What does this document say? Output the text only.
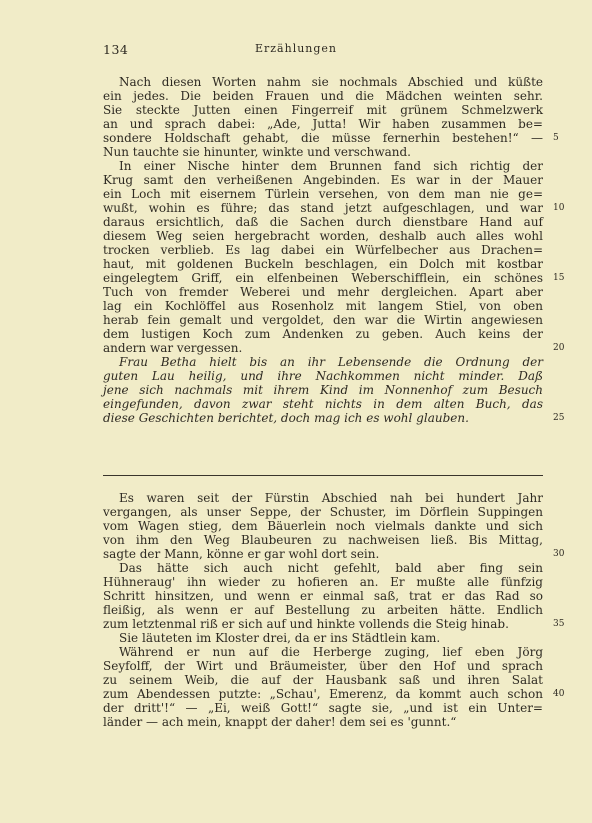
134	Erzählungen
Nach diesen Worten nahm sie nochmals Abschied und küßte
ein jedes. Die beiden Frauen und die Mädchen weinten sehr.
Sie steckte Jutten einen Fingerreif mit grünem Schmelzwerk
an und sprach dabei: „Ade, Jutta! Wir haben zusammen be=
sondere Holdschaft gehabt, die müsse fernerhin bestehen!“ —
Nun tauchte sie hinunter, winkte und verschwand.
In einer Nische hinter dem Brunnen fand sich richtig der
Krug samt den verheißenen Angebinden. Es war in der Mauer
ein Loch mit eisernem Türlein versehen, von dem man nie ge=
wußt, wohin es führe; das stand jetzt aufgeschlagen, und war
daraus ersichtlich, daß die Sachen durch dienstbare Hand auf
diesem Weg seien hergebracht worden, deshalb auch alles wohl
trocken verblieb. Es lag dabei ein Würfelbecher aus Drachen=
haut, mit goldenen Buckeln beschlagen, ein Dolch mit kostbar
eingelegtem Griff, ein elfenbeinen Weberschifflein, ein schönes
Tuch von fremder Weberei und mehr dergleichen. Apart aber
lag ein Kochlöffel aus Rosenholz mit langem Stiel, von oben
herab fein gemalt und vergoldet, den war die Wirtin angewiesen
dem lustigen Koch zum Andenken zu geben. Auch keins der
andern war vergessen.
Frau Betha hielt bis an ihr Lebensende die Ordnung der
guten Lau heilig, und ihre Nachkommen nicht minder. Daß
jene sich nachmals mit ihrem Kind im Nonnenhof zum Besuch
eingefunden, davon zwar steht nichts in dem alten Buch, das
diese Geschichten berichtet, doch mag ich es wohl glauben.
Es waren seit der Fürstin Abschied nah bei hundert Jahr
vergangen, als unser Seppe, der Schuster, im Dörflein Suppingen
vom Wagen stieg, dem Bäuerlein noch vielmals dankte und sich
von ihm den Weg Blaubeuren zu nachweisen ließ. Bis Mittag,
sagte der Mann, könne er gar wohl dort sein.
Das hätte sich auch nicht gefehlt, bald aber fing sein
Hühneraug' ihn wieder zu hofieren an. Er mußte alle fünfzig
Schritt hinsitzen, und wenn er einmal saß, trat er das Rad so
fleißig, als wenn er auf Bestellung zu arbeiten hätte. Endlich
zum letztenmal riß er sich auf und hinkte vollends die Steig hinab.
Sie läuteten im Kloster drei, da er ins Städtlein kam.
Während er nun auf die Herberge zuging, lief eben Jörg
Seyfolff, der Wirt und Bräumeister, über den Hof und sprach
zu seinem Weib, die auf der Hausbank saß und ihren Salat
zum Abendessen putzte: „Schau', Emerenz, da kommt auch schon
der dritt'!“ — „Ei, weiß Gott!“ sagte sie, „und ist ein Unter=
länder — ach mein, knappt der daher! dem sei es 'gunnt.“
5
10
15
20
25
30
35
40
